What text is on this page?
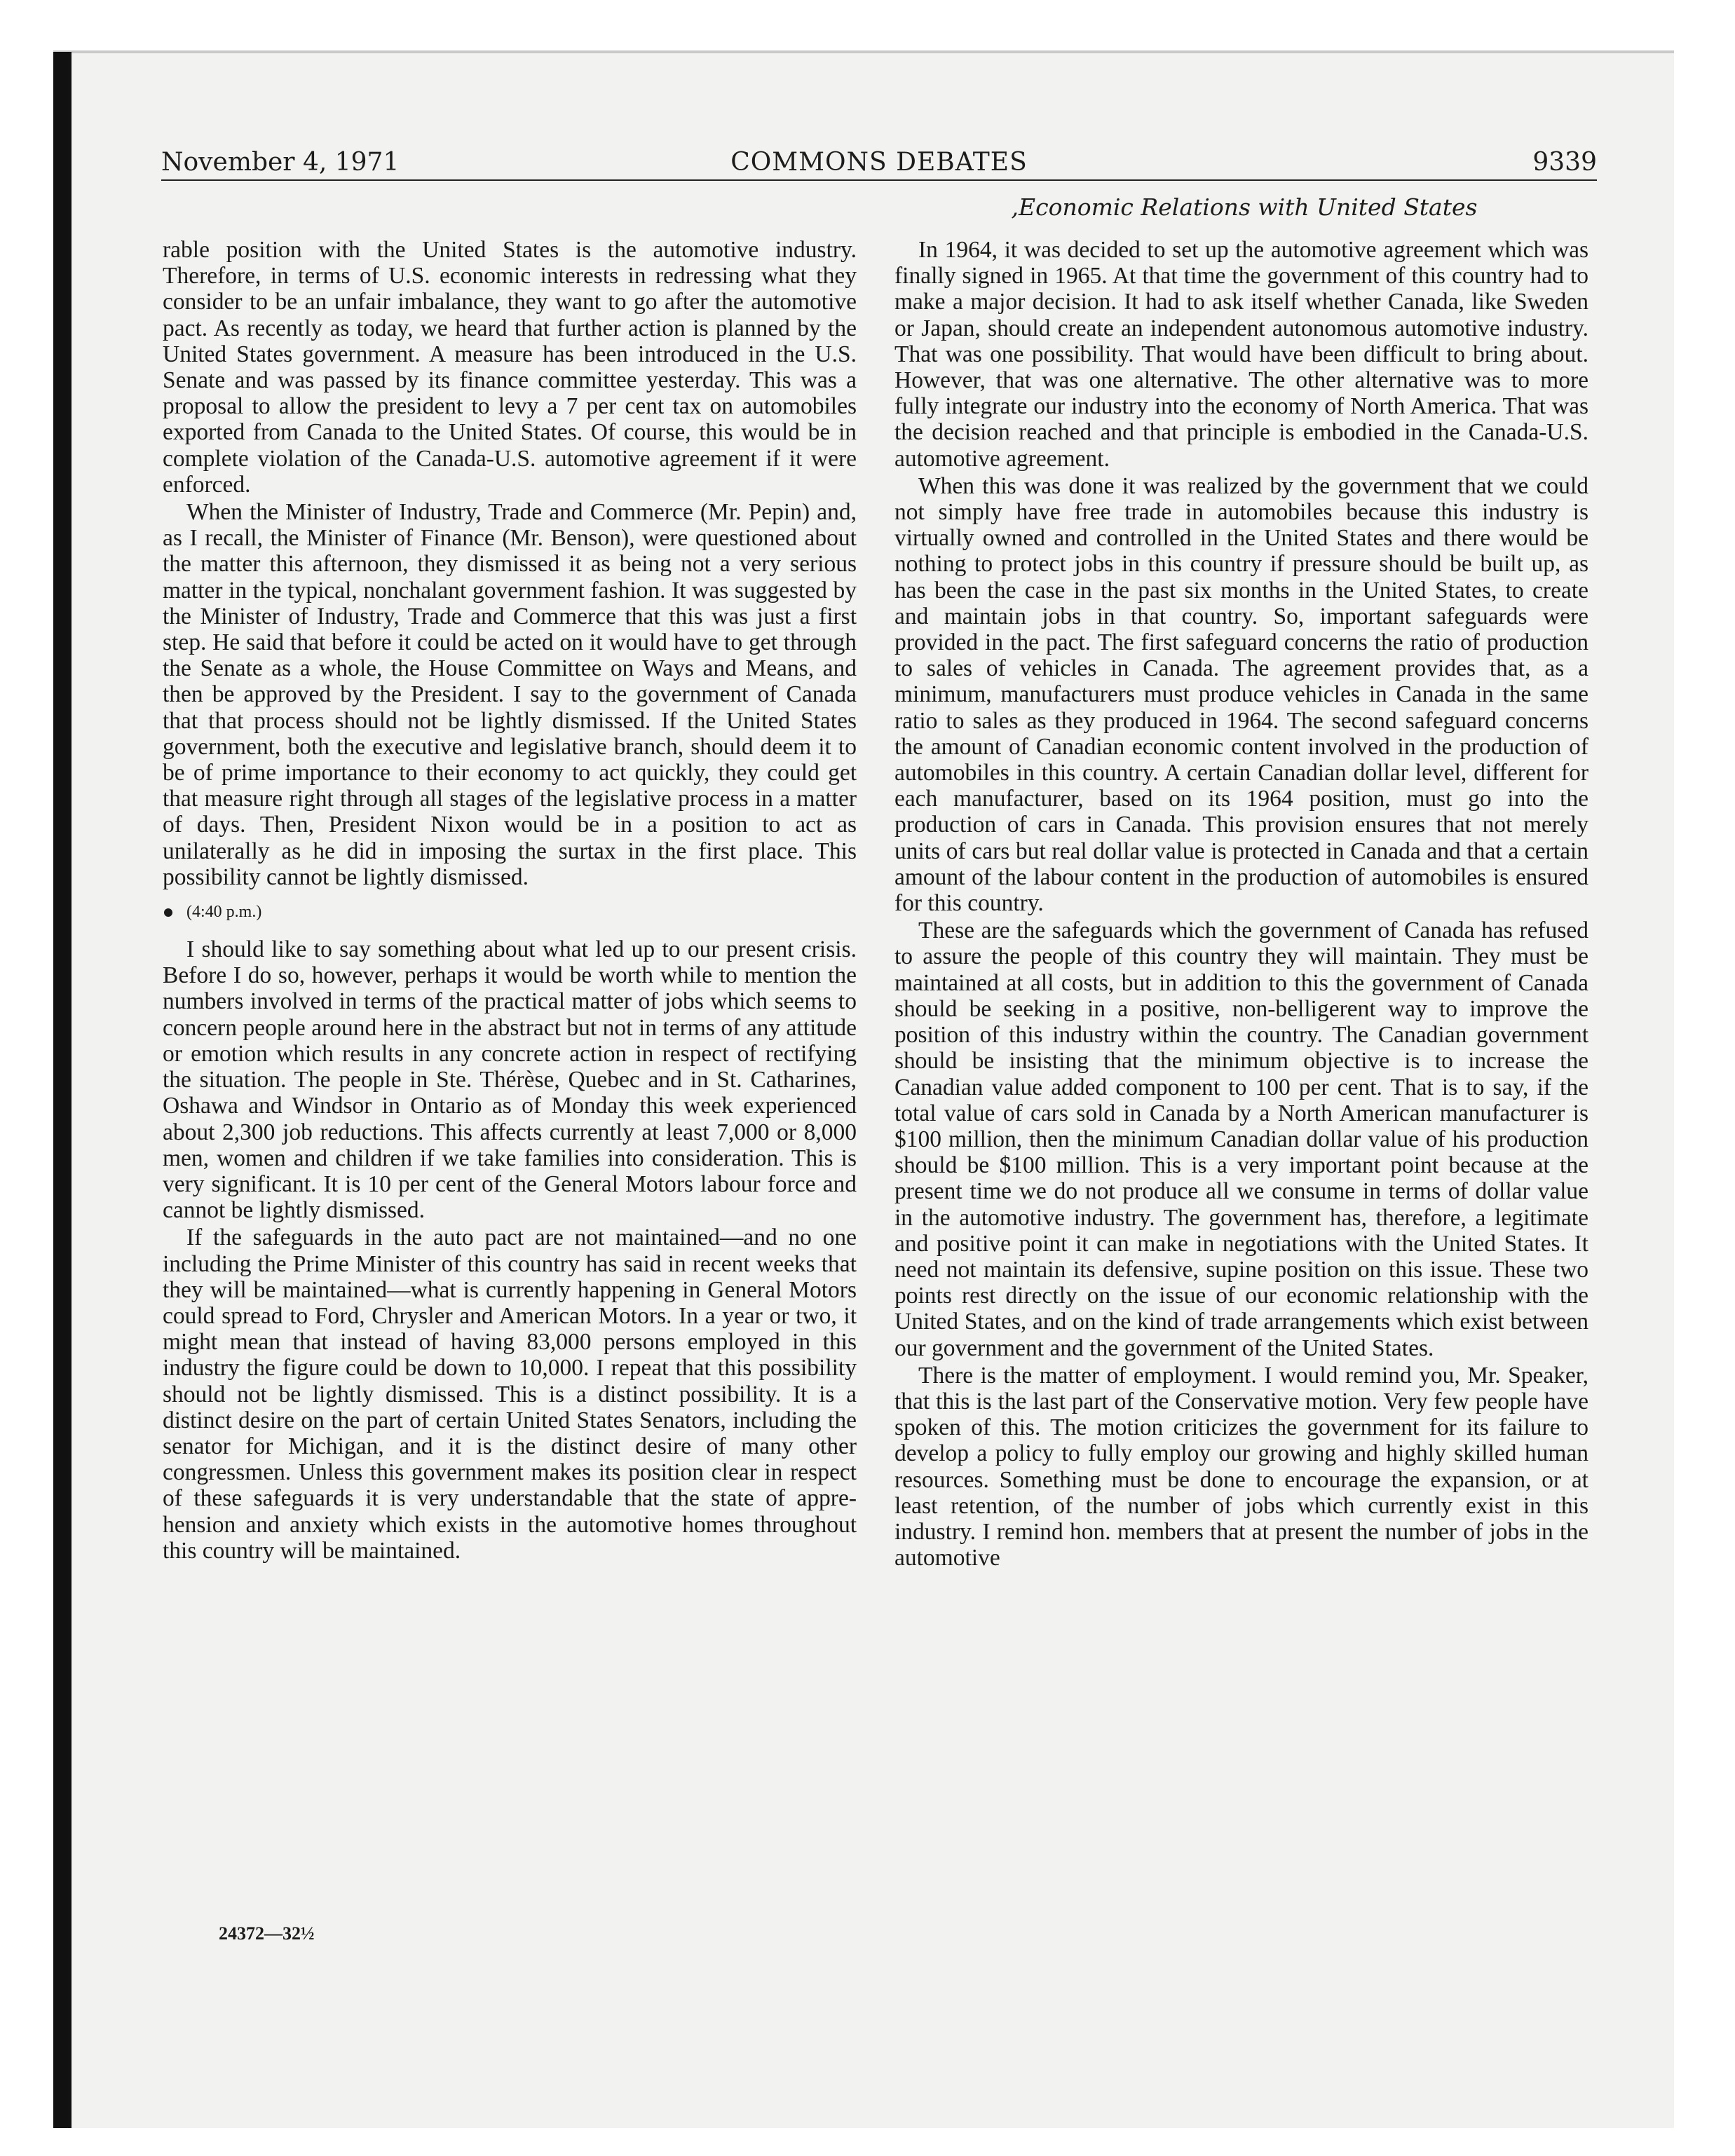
November 4, 1971	COMMONS DEBATES	9339
,Economic Relations with United States

rable position with the United States is the automotive industry. Therefore, in terms of U.S. economic interests in redressing what they consider to be an unfair imbalance, they want to go after the automotive pact. As recently as today, we heard that further action is planned by the United States government. A measure has been introduced in the U.S. Senate and was passed by its finance committee yesterday. This was a proposal to allow the president to levy a 7 per cent tax on automobiles exported from Canada to the United States. Of course, this would be in complete violation of the Canada-U.S. automotive agreement if it were enforced.

When the Minister of Industry, Trade and Commerce (Mr. Pepin) and, as I recall, the Minister of Finance (Mr. Benson), were questioned about the matter this afternoon, they dismissed it as being not a very serious matter in the typical, nonchalant government fashion. It was suggested by the Minister of Industry, Trade and Commerce that this was just a first step. He said that before it could be acted on it would have to get through the Senate as a whole, the House Committee on Ways and Means, and then be approved by the President. I say to the government of Canada that that process should not be lightly dismissed. If the United States government, both the executive and legislative branch, should deem it to be of prime importance to their economy to act quickly, they could get that measure right through all stages of the legislative process in a matter of days. Then, President Nixon would be in a position to act as unilaterally as he did in imposing the surtax in the first place. This possibility cannot be lightly dismissed.

(4:40 p.m.)

I should like to say something about what led up to our present crisis. Before I do so, however, perhaps it would be worth while to mention the numbers involved in terms of the practical matter of jobs which seems to concern people around here in the abstract but not in terms of any attitude or emotion which results in any concrete action in respect of rectifying the situation. The people in Ste. Thérèse, Quebec and in St. Catharines, Oshawa and Windsor in Ontario as of Monday this week experienced about 2,300 job reductions. This affects currently at least 7,000 or 8,000 men, women and children if we take families into consideration. This is very significant. It is 10 per cent of the General Motors labour force and cannot be lightly dismissed.

If the safeguards in the auto pact are not maintained—and no one including the Prime Minister of this country has said in recent weeks that they will be maintained—what is currently happening in General Motors could spread to Ford, Chrysler and American Motors. In a year or two, it might mean that instead of having 83,000 persons employed in this industry the figure could be down to 10,000. I repeat that this possibility should not be lightly dismissed. This is a distinct possibility. It is a distinct desire on the part of certain United States Senators, including the senator for Michigan, and it is the distinct desire of many other congressmen. Unless this government makes its position clear in respect of these safeguards it is very understandable that the state of apprehension and anxiety which exists in the automotive homes throughout this country will be maintained.

In 1964, it was decided to set up the automotive agreement which was finally signed in 1965. At that time the government of this country had to make a major decision. It had to ask itself whether Canada, like Sweden or Japan, should create an independent autonomous automotive industry. That was one possibility. That would have been difficult to bring about. However, that was one alternative. The other alternative was to more fully integrate our industry into the economy of North America. That was the decision reached and that principle is embodied in the Canada-U.S. automotive agreement.

When this was done it was realized by the government that we could not simply have free trade in automobiles because this industry is virtually owned and controlled in the United States and there would be nothing to protect jobs in this country if pressure should be built up, as has been the case in the past six months in the United States, to create and maintain jobs in that country. So, important safeguards were provided in the pact. The first safeguard concerns the ratio of production to sales of vehicles in Canada. The agreement provides that, as a minimum, manufacturers must produce vehicles in Canada in the same ratio to sales as they produced in 1964. The second safeguard concerns the amount of Canadian economic content involved in the production of automobiles in this country. A certain Canadian dollar level, different for each manufacturer, based on its 1964 position, must go into the production of cars in Canada. This provision ensures that not merely units of cars but real dollar value is protected in Canada and that a certain amount of the labour content in the production of automobiles is ensured for this country.

These are the safeguards which the government of Canada has refused to assure the people of this country they will maintain. They must be maintained at all costs, but in addition to this the government of Canada should be seeking in a positive, non-belligerent way to improve the position of this industry within the country. The Canadian government should be insisting that the minimum objective is to increase the Canadian value added component to 100 per cent. That is to say, if the total value of cars sold in Canada by a North American manufacturer is $100 million, then the minimum Canadian dollar value of his production should be $100 million. This is a very important point because at the present time we do not produce all we consume in terms of dollar value in the automotive industry. The government has, therefore, a legitimate and positive point it can make in negotiations with the United States. It need not maintain its defensive, supine position on this issue. These two points rest directly on the issue of our economic relationship with the United States, and on the kind of trade arrangements which exist between our government and the government of the United States.

There is the matter of employment. I would remind you, Mr. Speaker, that this is the last part of the Conservative motion. Very few people have spoken of this. The motion criticizes the government for its failure to develop a policy to fully employ our growing and highly skilled human resources. Something must be done to encourage the expansion, or at least retention, of the number of jobs which currently exist in this industry. I remind hon. members that at present the number of jobs in the automotive

24372—32½
